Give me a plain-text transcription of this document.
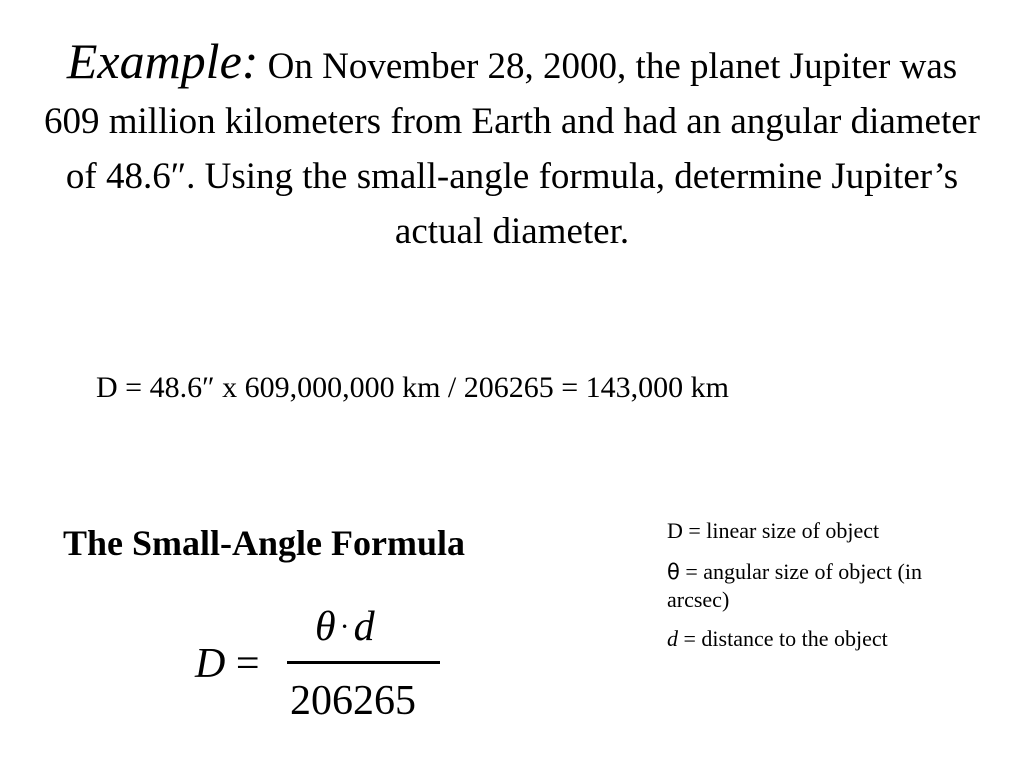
Example: On November 28, 2000, the planet Jupiter was 609 million kilometers from Earth and had an angular diameter of 48.6″. Using the small-angle formula, determine Jupiter’s actual diameter.
D = 48.6″ x 609,000,000 km / 206265 = 143,000 km
The Small-Angle Formula	D = linear size of object
θ = angular size of object (in arcsec)
d = distance to the object
D =
θ ·d
206265
